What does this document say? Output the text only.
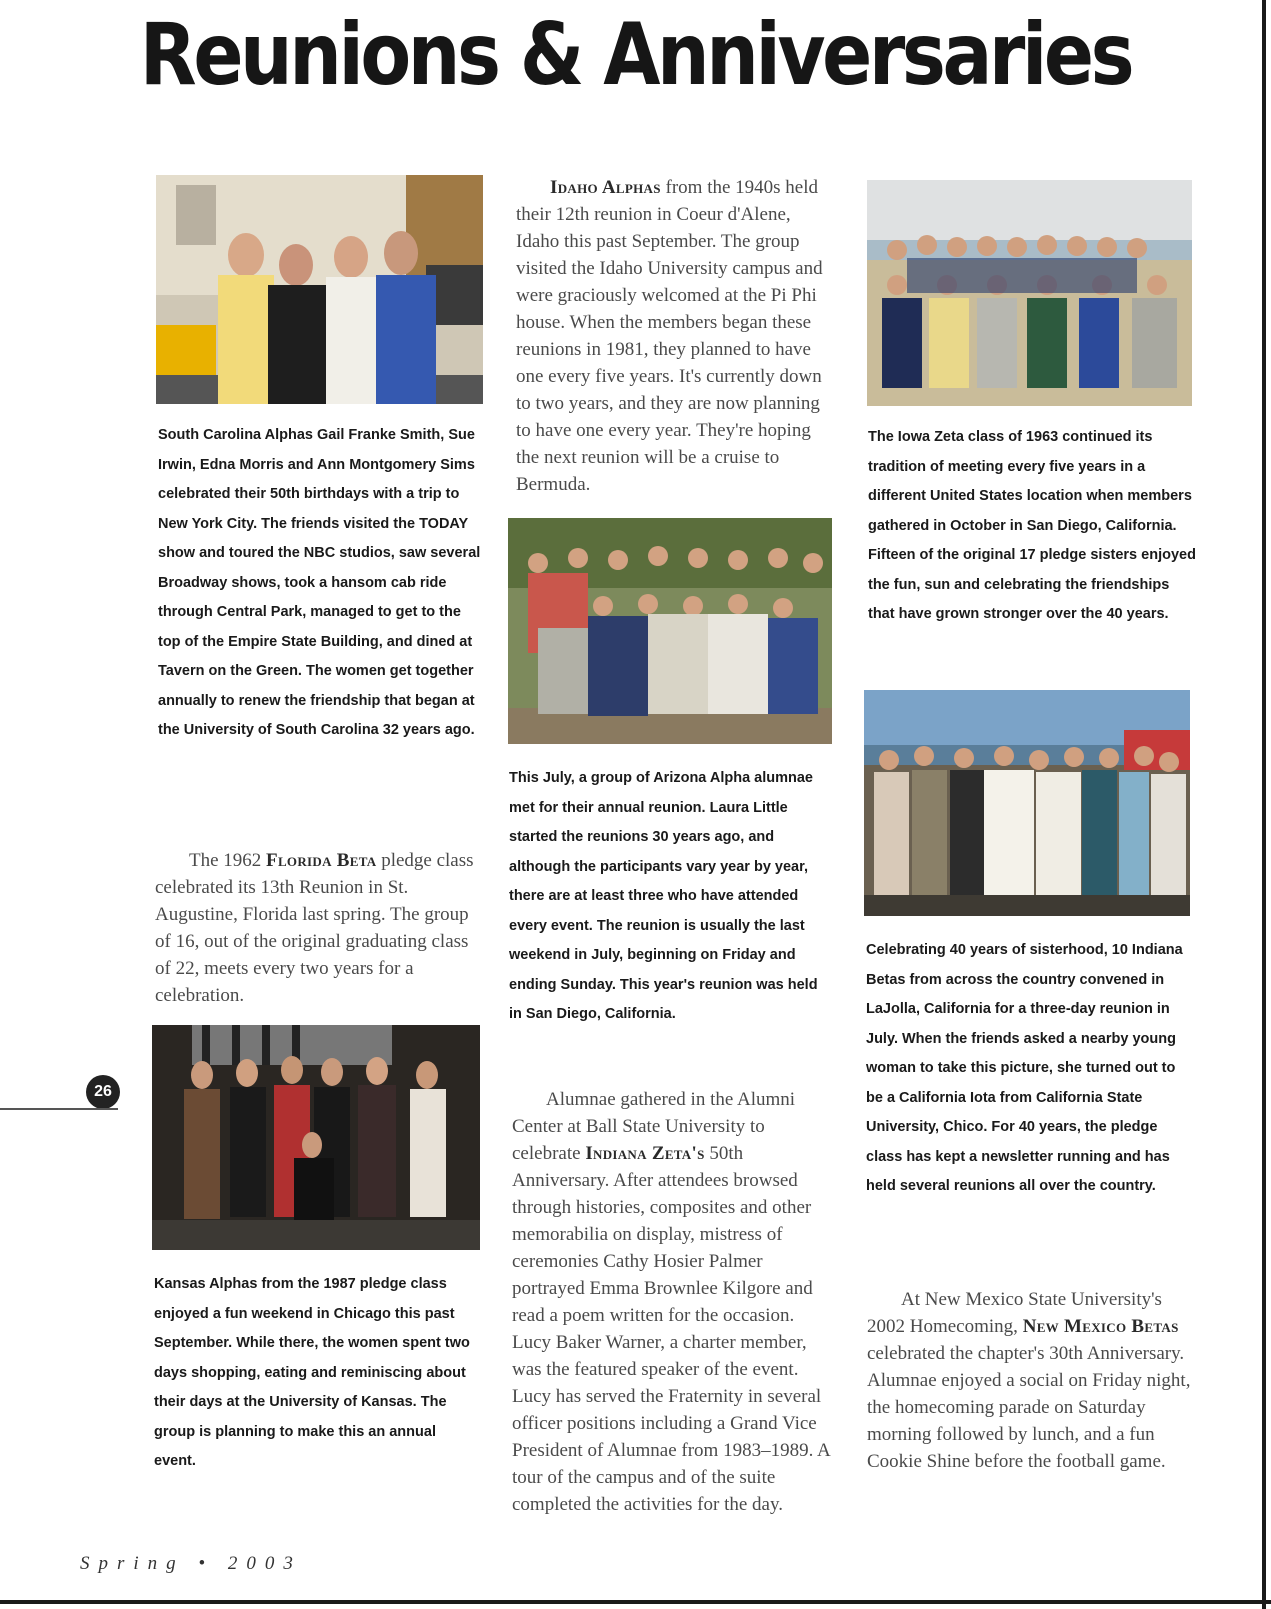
Reunions & Anniversaries
South Carolina Alphas Gail Franke Smith, Sue Irwin, Edna Morris and Ann Montgomery Sims celebrated their 50th birthdays with a trip to New York City. The friends visited the TODAY show and toured the NBC studios, saw several Broadway shows, took a hansom cab ride through Central Park, managed to get to the top of the Empire State Building, and dined at Tavern on the Green. The women get together annually to renew the friendship that began at the University of South Carolina 32 years ago.
The 1962 Florida Beta pledge class celebrated its 13th Reunion in St. Augustine, Florida last spring. The group of 16, out of the original graduating class of 22, meets every two years for a celebration.
Kansas Alphas from the 1987 pledge class enjoyed a fun weekend in Chicago this past September. While there, the women spent two days shopping, eating and reminiscing about their days at the University of Kansas. The group is planning to make this an annual event.
Idaho Alphas from the 1940s held their 12th reunion in Coeur d'Alene, Idaho this past September. The group visited the Idaho University campus and were graciously welcomed at the Pi Phi house. When the members began these reunions in 1981, they planned to have one every five years. It's currently down to two years, and they are now planning to have one every year. They're hoping the next reunion will be a cruise to Bermuda.
This July, a group of Arizona Alpha alumnae met for their annual reunion. Laura Little started the reunions 30 years ago, and although the participants vary year by year, there are at least three who have attended every event. The reunion is usually the last weekend in July, beginning on Friday and ending Sunday. This year's reunion was held in San Diego, California.
Alumnae gathered in the Alumni Center at Ball State University to celebrate Indiana Zeta's 50th Anniversary. After attendees browsed through histories, composites and other memorabilia on display, mistress of ceremonies Cathy Hosier Palmer portrayed Emma Brownlee Kilgore and read a poem written for the occasion. Lucy Baker Warner, a charter member, was the featured speaker of the event. Lucy has served the Fraternity in several officer positions including a Grand Vice President of Alumnae from 1983–1989. A tour of the campus and of the suite completed the activities for the day.
The Iowa Zeta class of 1963 continued its tradition of meeting every five years in a different United States location when members gathered in October in San Diego, California. Fifteen of the original 17 pledge sisters enjoyed the fun, sun and celebrating the friendships that have grown stronger over the 40 years.
Celebrating 40 years of sisterhood, 10 Indiana Betas from across the country convened in LaJolla, California for a three-day reunion in July. When the friends asked a nearby young woman to take this picture, she turned out to be a California Iota from California State University, Chico. For 40 years, the pledge class has kept a newsletter running and has held several reunions all over the country.
At New Mexico State University's 2002 Homecoming, New Mexico Betas celebrated the chapter's 30th Anniversary. Alumnae enjoyed a social on Friday night, the homecoming parade on Saturday morning followed by lunch, and a fun Cookie Shine before the football game.
26
Spring • 2003
